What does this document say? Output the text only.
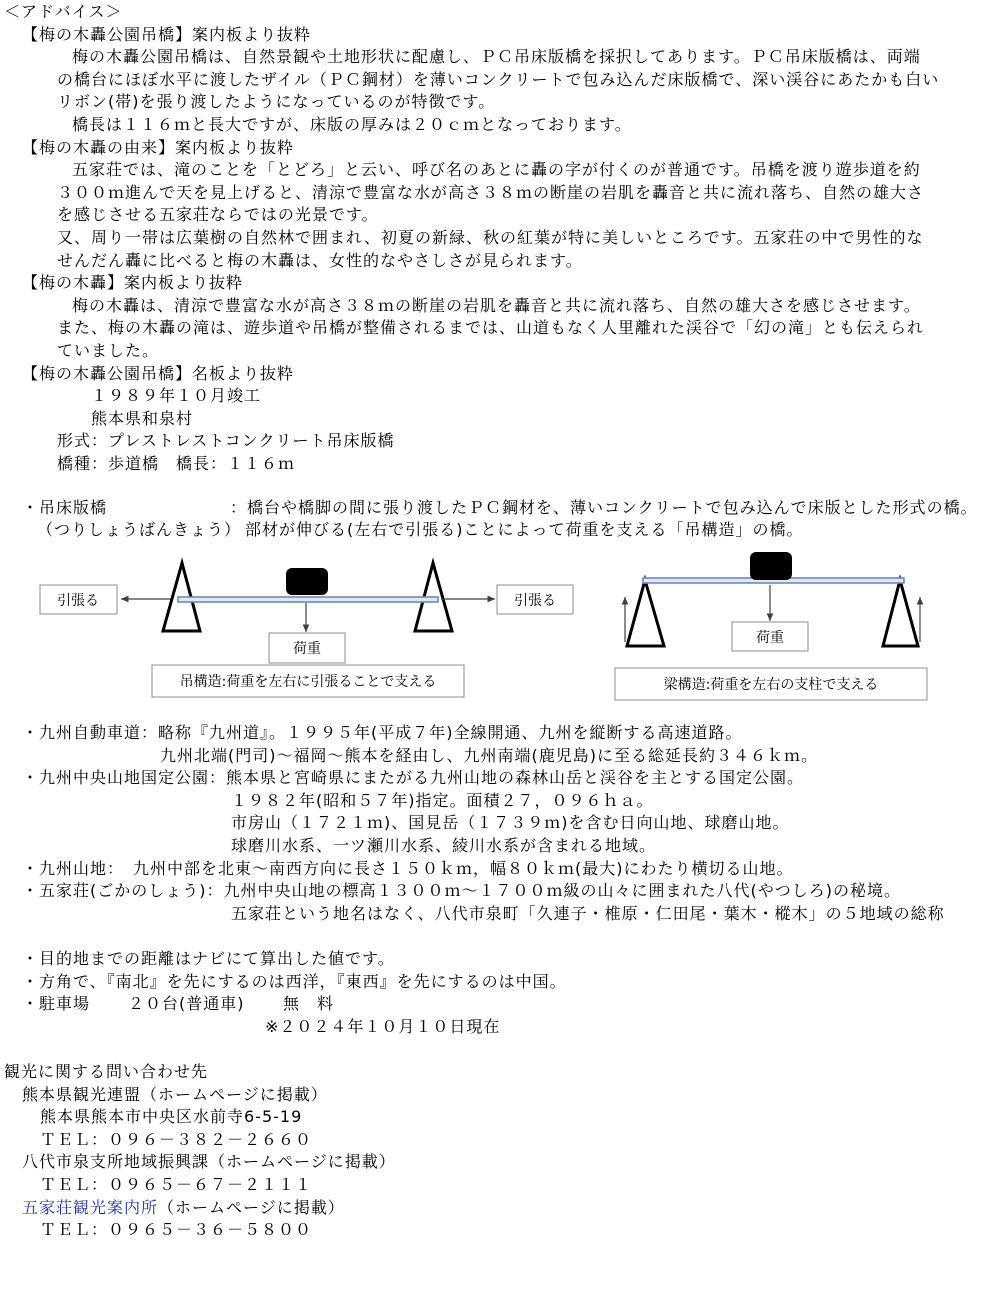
＜アドバイス＞
【梅の木轟公園吊橋】案内板より抜粋
梅の木轟公園吊橋は、自然景観や土地形状に配慮し、ＰＣ吊床版橋を採択してあります。ＰＣ吊床版橋は、両端
の橋台にほぼ水平に渡したザイル（ＰＣ鋼材）を薄いコンクリートで包み込んだ床版橋で、深い渓谷にあたかも白い
リボン(帯)を張り渡したようになっているのが特徴です。
橋長は１１６ｍと長大ですが、床版の厚みは２０ｃｍとなっております。
【梅の木轟の由来】案内板より抜粋
五家荘では、滝のことを「とどろ」と云い、呼び名のあとに轟の字が付くのが普通です。吊橋を渡り遊歩道を約
３００ｍ進んで天を見上げると、清涼で豊富な水が高さ３８ｍの断崖の岩肌を轟音と共に流れ落ち、自然の雄大さ
を感じさせる五家荘ならではの光景です。
又、周り一帯は広葉樹の自然林で囲まれ、初夏の新緑、秋の紅葉が特に美しいところです。五家荘の中で男性的な
せんだん轟に比べると梅の木轟は、女性的なやさしさが見られます。
【梅の木轟】案内板より抜粋
梅の木轟は、清涼で豊富な水が高さ３８ｍの断崖の岩肌を轟音と共に流れ落ち、自然の雄大さを感じさせます。
また、梅の木轟の滝は、遊歩道や吊橋が整備されるまでは、山道もなく人里離れた渓谷で「幻の滝」とも伝えられ
ていました。
【梅の木轟公園吊橋】名板より抜粋
１９８９年１０月竣工
熊本県和泉村
形式：プレストレストコンクリート吊床版橋
橋種：歩道橋　橋長：１１６ｍ
・吊床版橋	：橋台や橋脚の間に張り渡したＰＣ鋼材を、薄いコンクリートで包み込んで床版とした形式の橋。
（つりしょうばんきょう） 部材が伸びる(左右で引張る)ことによって荷重を支える「吊構造」の橋。
引張る
荷重
引張る
吊構造:荷重を左右に引張ることで支える
荷重
梁構造:荷重を左右の支柱で支える
・九州自動車道：略称『九州道』。１９９５年(平成７年)全線開通、九州を縦断する高速道路。
九州北端(門司)～福岡～熊本を経由し、九州南端(鹿児島)に至る総延長約３４６ｋｍ。
・九州中央山地国定公園：熊本県と宮崎県にまたがる九州山地の森林山岳と渓谷を主とする国定公園。
１９８２年(昭和５７年)指定。面積２７，０９６ｈａ。
市房山（１７２１ｍ)、国見岳（１７３９ｍ)を含む日向山地、球磨山地。
球磨川水系、一ツ瀬川水系、綾川水系が含まれる地域。
・九州山地：　九州中部を北東～南西方向に長さ１５０ｋｍ，幅８０ｋｍ(最大)にわたり横切る山地。
・五家荘(ごかのしょう)：九州中央山地の標高１３００ｍ～１７００ｍ級の山々に囲まれた八代(やつしろ)の秘境。
五家荘という地名はなく、八代市泉町「久連子・椎原・仁田尾・葉木・樅木」の５地域の総称
・目的地までの距離はナビにて算出した値です。
・方角で、『南北』を先にするのは西洋，『東西』を先にするのは中国。
・駐車場 ２０台(普通車) 無　料
※２０２４年１０月１０日現在
観光に関する問い合わせ先
熊本県観光連盟（ホームページに掲載）
熊本県熊本市中央区水前寺6-5-19
ＴＥＬ：０９６－３８２－２６６０
八代市泉支所地域振興課（ホームページに掲載）
ＴＥＬ：０９６５－６７－２１１１
五家荘観光案内所（ホームページに掲載）
ＴＥＬ：０９６５－３６－５８００
